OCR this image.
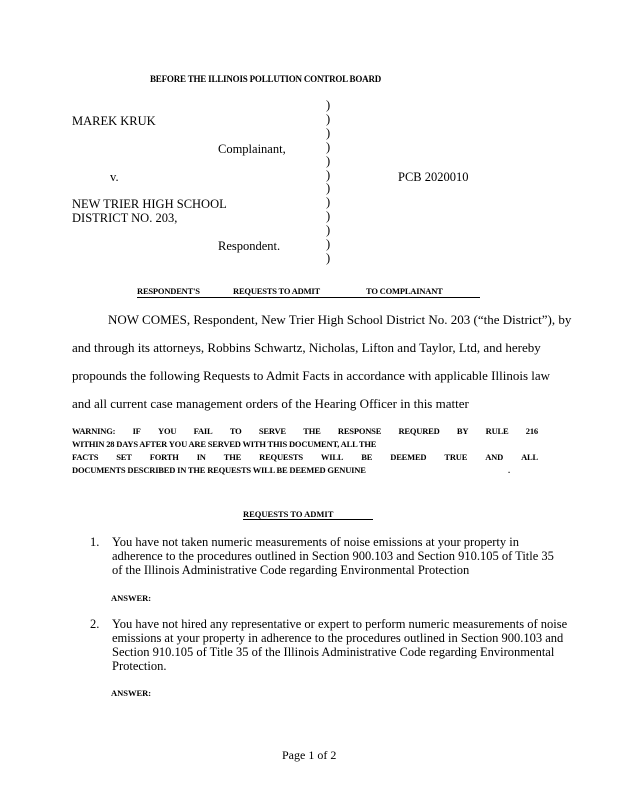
BEFORE THE ILLINOIS POLLUTION CONTROL BOARD
MAREK KRUK
Complainant,
v.	PCB 2020010
NEW TRIER HIGH SCHOOL
DISTRICT NO. 203,
Respondent.
)
)
)
)
)
)
)
)
)
)
)
)
RESPONDENT'S	REQUESTS TO ADMIT	TO COMPLAINANT
NOW COMES, Respondent, New Trier High School District No. 203 (“the District”), by
and through its attorneys, Robbins Schwartz, Nicholas, Lifton and Taylor, Ltd, and hereby
propounds the following Requests to Admit Facts in accordance with applicable Illinois law
and all current case management orders of the Hearing Officer in this matter
WARNING: IF YOU FAIL TO SERVE THE RESPONSE REQURED BY RULE 216
WITHIN 28 DAYS AFTER YOU ARE SERVED WITH THIS DOCUMENT, ALL THE
FACTS SET FORTH IN THE REQUESTS WILL BE DEEMED TRUE AND ALL
DOCUMENTS DESCRIBED IN THE REQUESTS WILL BE DEEMED GENUINE	.
REQUESTS TO ADMIT
1. You have not taken numeric measurements of noise emissions at your property in
adherence to the procedures outlined in Section 900.103 and Section 910.105 of Title 35
of the Illinois Administrative Code regarding Environmental Protection
ANSWER:
2. You have not hired any representative or expert to perform numeric measurements of noise
emissions at your property in adherence to the procedures outlined in Section 900.103 and
Section 910.105 of Title 35 of the Illinois Administrative Code regarding Environmental
Protection.
ANSWER:
Page 1 of 2
